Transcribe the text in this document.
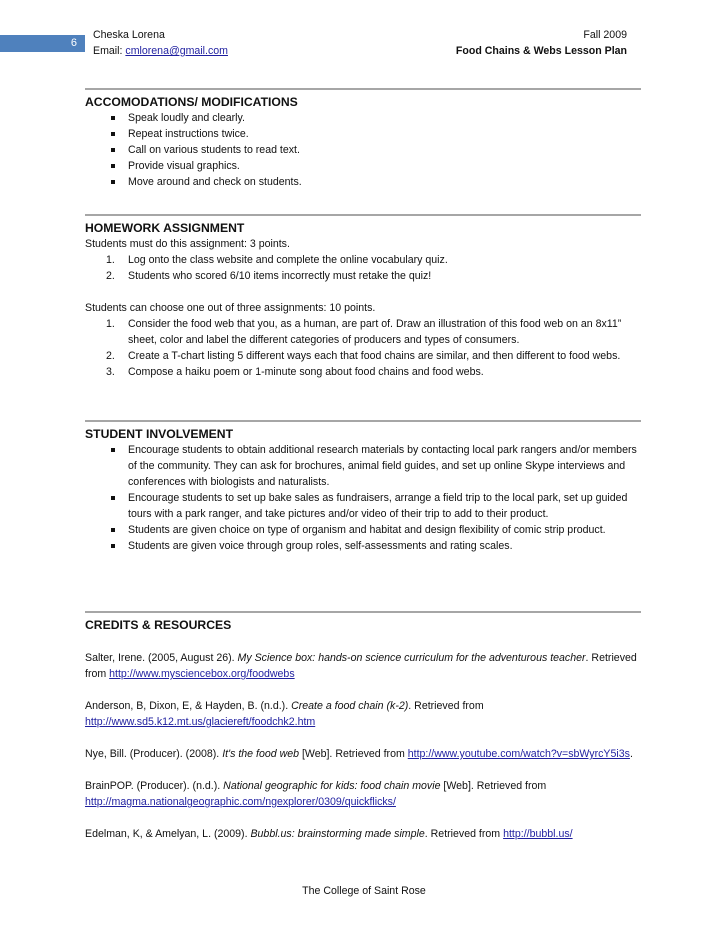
6
Cheska Lorena
Email: cmlorena@gmail.com
Fall 2009
Food Chains & Webs Lesson Plan
ACCOMODATIONS/ MODIFICATIONS
Speak loudly and clearly.
Repeat instructions twice.
Call on various students to read text.
Provide visual graphics.
Move around and check on students.
HOMEWORK ASSIGNMENT
Students must do this assignment: 3 points.
1. Log onto the class website and complete the online vocabulary quiz.
2. Students who scored 6/10 items incorrectly must retake the quiz!
Students can choose one out of three assignments: 10 points.
1. Consider the food web that you, as a human, are part of. Draw an illustration of this food web on an 8x11” sheet, color and label the different categories of producers and types of consumers.
2. Create a T-chart listing 5 different ways each that food chains are similar, and then different to food webs.
3. Compose a haiku poem or 1-minute song about food chains and food webs.
STUDENT INVOLVEMENT
Encourage students to obtain additional research materials by contacting local park rangers and/or members of the community. They can ask for brochures, animal field guides, and set up online Skype interviews and conferences with biologists and naturalists.
Encourage students to set up bake sales as fundraisers, arrange a field trip to the local park, set up guided tours with a park ranger, and take pictures and/or video of their trip to add to their product.
Students are given choice on type of organism and habitat and design flexibility of comic strip product.
Students are given voice through group roles, self-assessments and rating scales.
CREDITS & RESOURCES
Salter, Irene. (2005, August 26). My Science box: hands-on science curriculum for the adventurous teacher. Retrieved from http://www.mysciencebox.org/foodwebs
Anderson, B, Dixon, E, & Hayden, B. (n.d.). Create a food chain (k-2). Retrieved from http://www.sd5.k12.mt.us/glaciereft/foodchk2.htm
Nye, Bill. (Producer). (2008). It's the food web [Web]. Retrieved from http://www.youtube.com/watch?v=sbWyrcY5i3s.
BrainPOP. (Producer). (n.d.). National geographic for kids: food chain movie [Web]. Retrieved from http://magma.nationalgeographic.com/ngexplorer/0309/quickflicks/
Edelman, K, & Amelyan, L. (2009). Bubbl.us: brainstorming made simple. Retrieved from http://bubbl.us/
The College of Saint Rose
